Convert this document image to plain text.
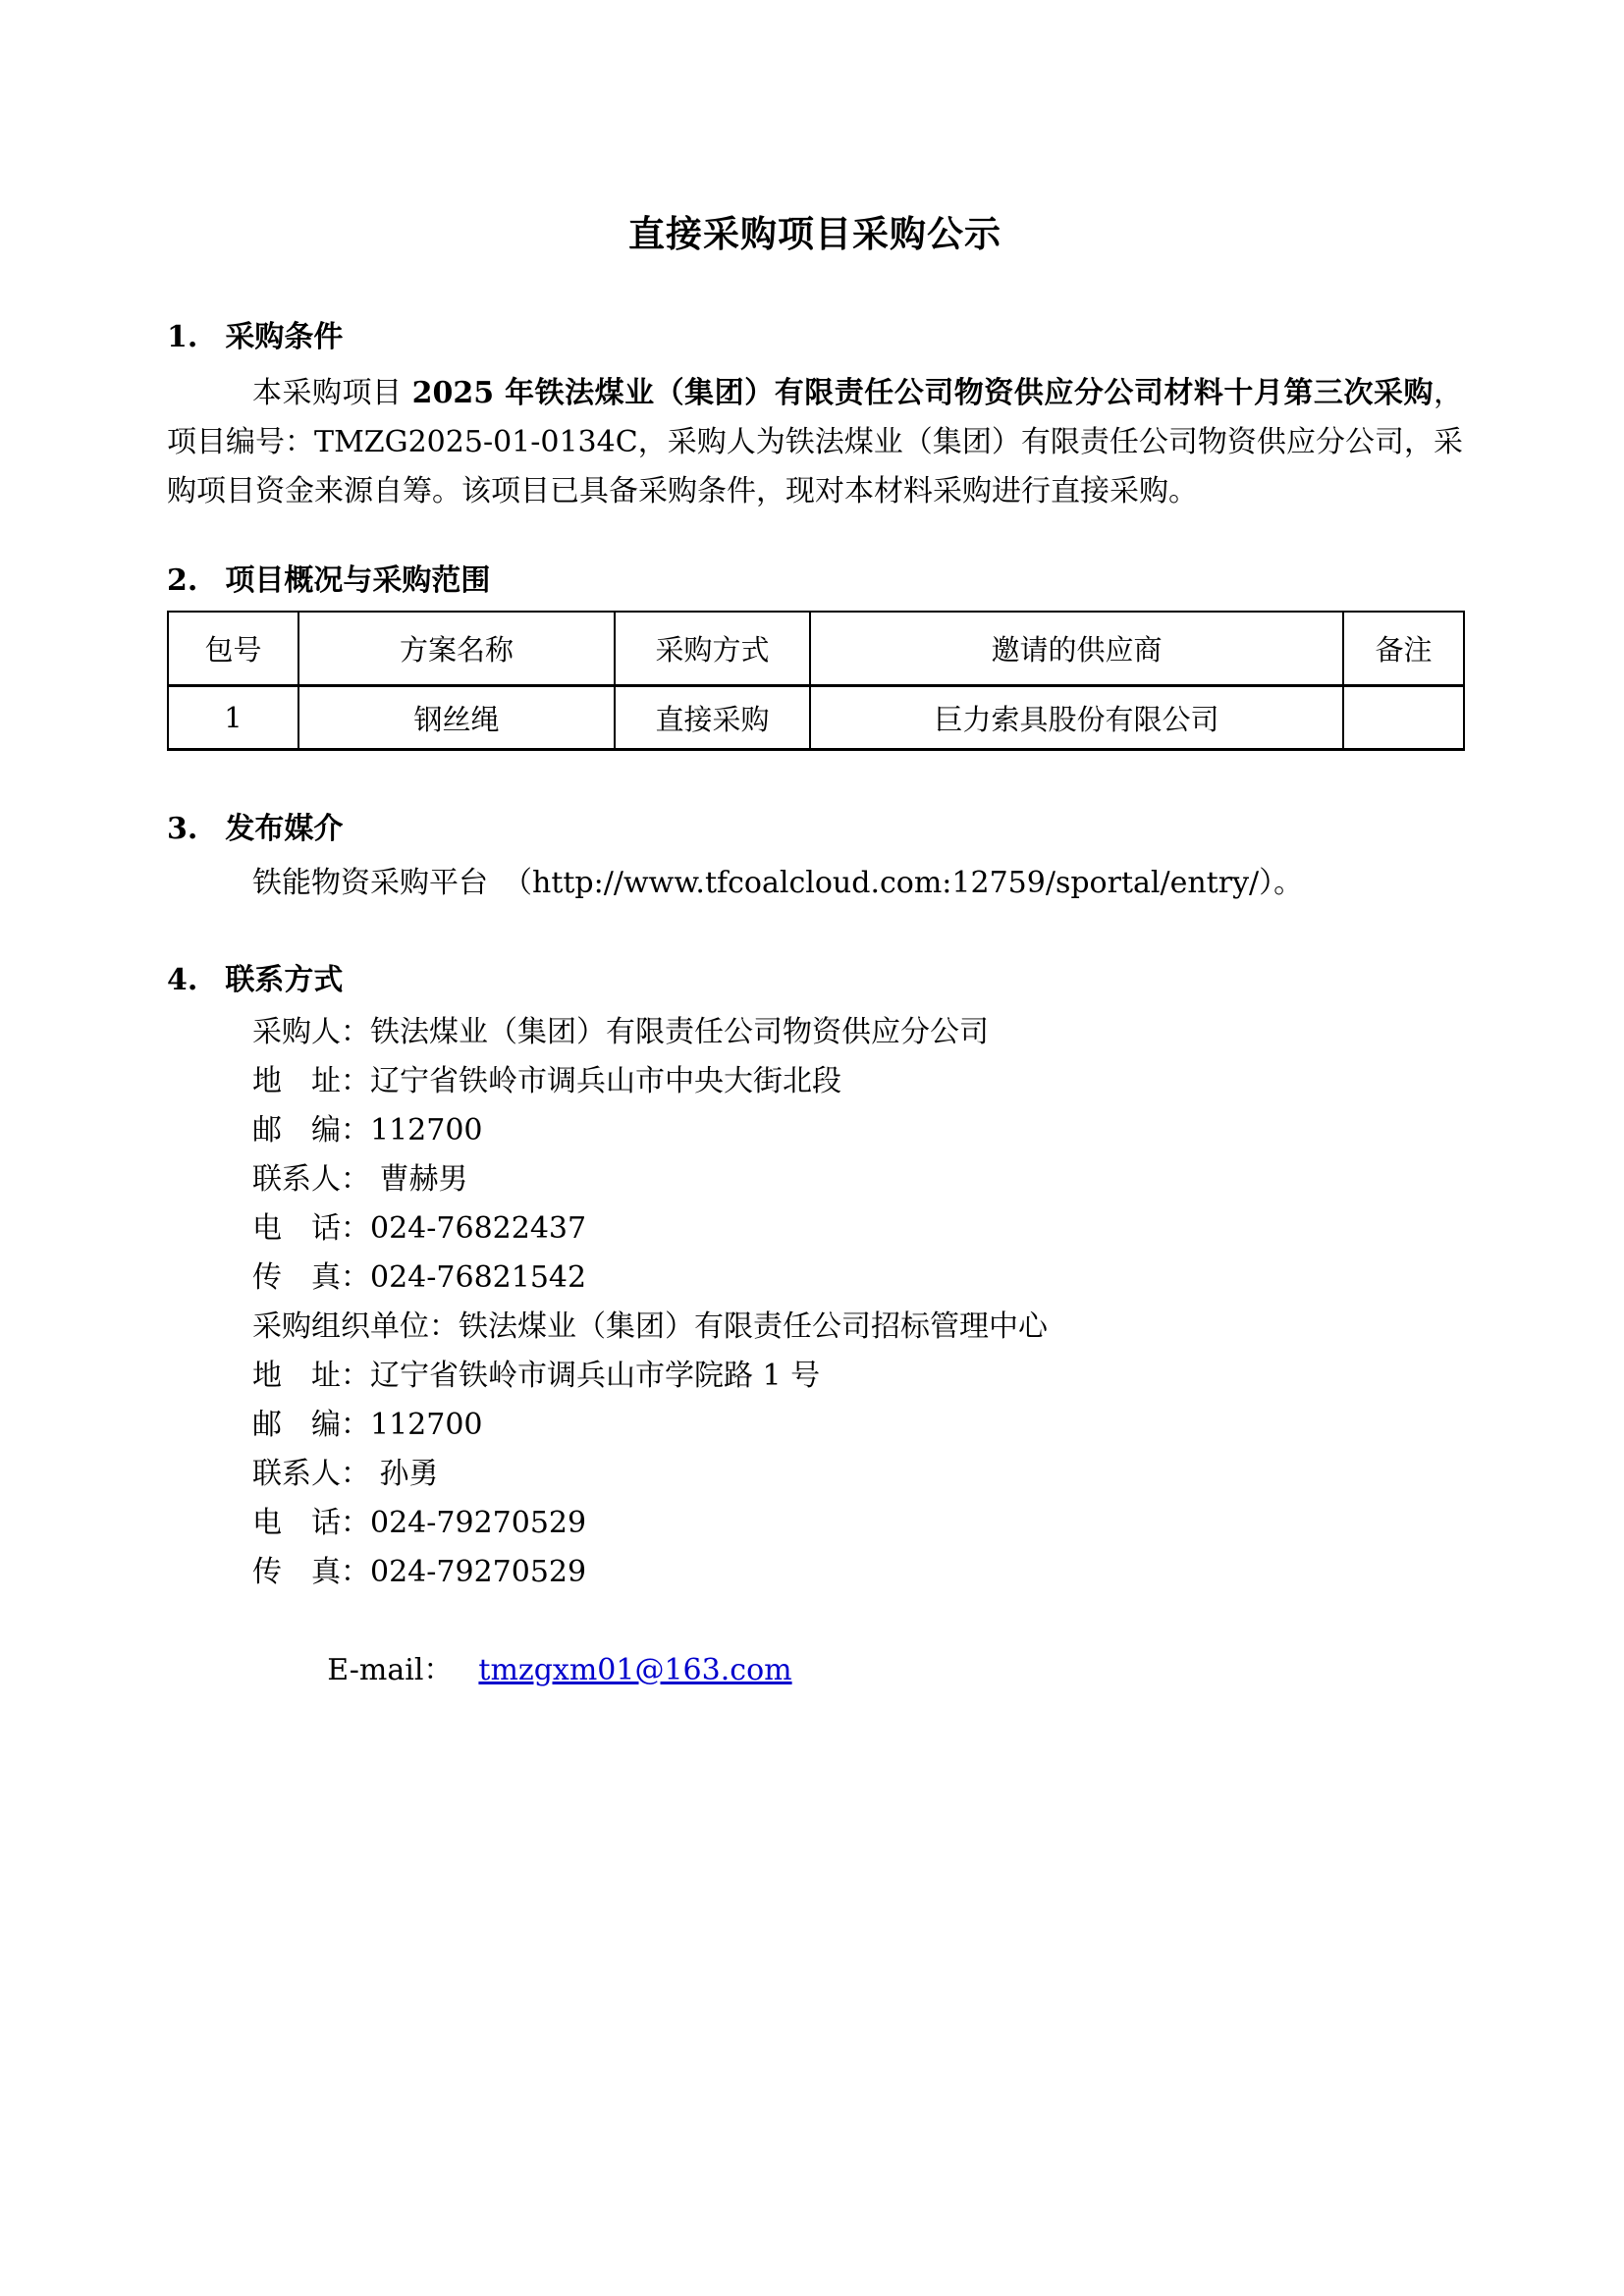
直接采购项目采购公示
1. 采购条件

本采购项目 2025 年铁法煤业（集团）有限责任公司物资供应分公司材料十月第三次采购，项目编号：TMZG2025-01-0134C，采购人为铁法煤业（集团）有限责任公司物资供应分公司，采购项目资金来源自筹。该项目已具备采购条件，现对本材料采购进行直接采购。

2. 项目概况与采购范围
包号	方案名称	采购方式	邀请的供应商	备注
1	钢丝绳	直接采购	巨力索具股份有限公司	
3. 发布媒介

铁能物资采购平台　（http://www.tfcoalcloud.com:12759/sportal/entry/）。

4. 联系方式
采购人：铁法煤业（集团）有限责任公司物资供应分公司
地　址：辽宁省铁岭市调兵山市中央大街北段
邮　编：112700
联系人： 曹赫男
电　话：024-76822437
传　真：024-76821542
采购组织单位：铁法煤业（集团）有限责任公司招标管理中心
地　址：辽宁省铁岭市调兵山市学院路 1 号
邮　编：112700
联系人： 孙勇
电　话：024-79270529
传　真：024-79270529

E-mail： tmzgxm01@163.com
